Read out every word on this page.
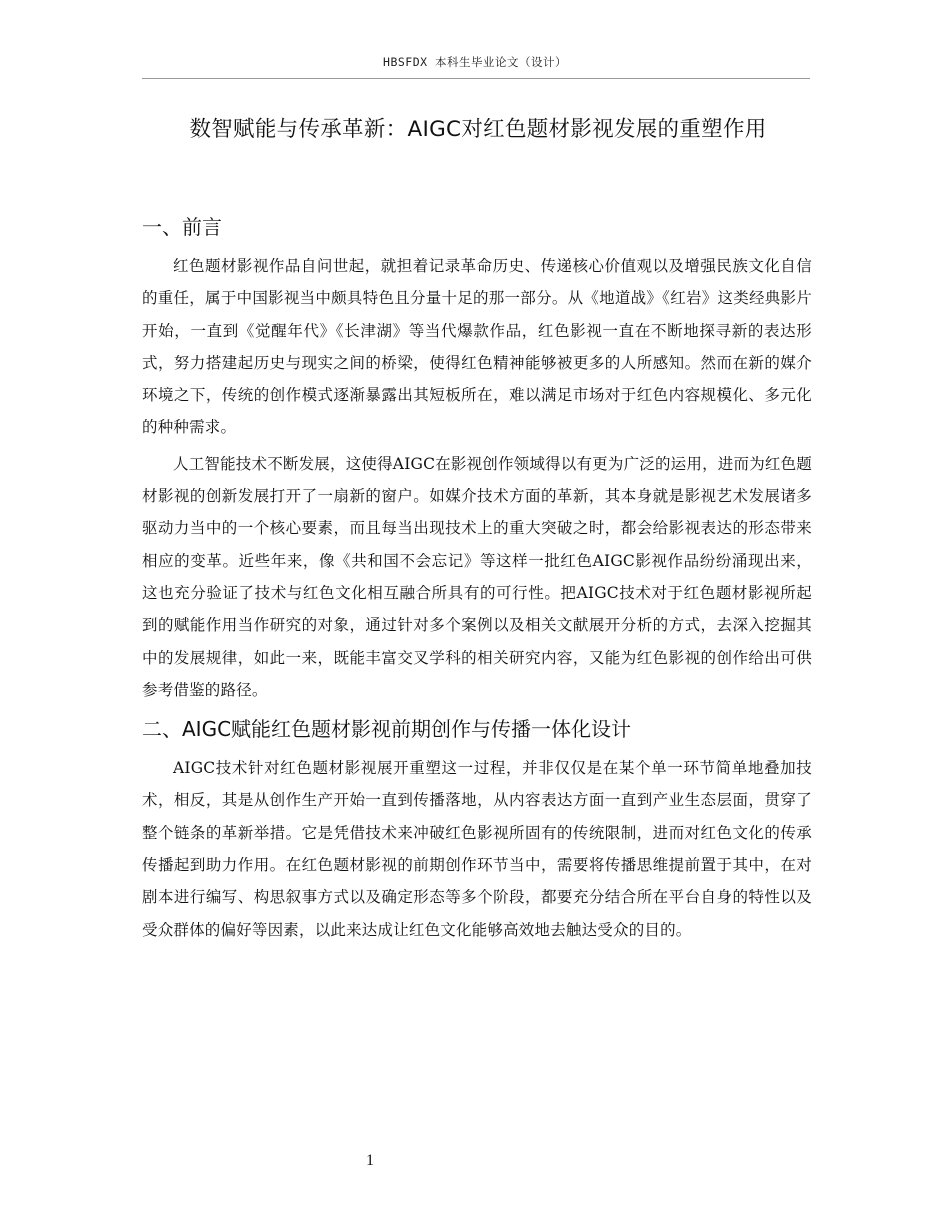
HBSFDX 本科生毕业论文（设计）
数智赋能与传承革新：AIGC对红色题材影视发展的重塑作用
一、前言

红色题材影视作品自问世起，就担着记录革命历史、传递核心价值观以及增强民族文化自信的重任，属于中国影视当中颇具特色且分量十足的那一部分。从《地道战》《红岩》这类经典影片开始，一直到《觉醒年代》《长津湖》等当代爆款作品，红色影视一直在不断地探寻新的表达形式，努力搭建起历史与现实之间的桥梁，使得红色精神能够被更多的人所感知。然而在新的媒介环境之下，传统的创作模式逐渐暴露出其短板所在，难以满足市场对于红色内容规模化、多元化的种种需求。

人工智能技术不断发展，这使得AIGC在影视创作领域得以有更为广泛的运用，进而为红色题材影视的创新发展打开了一扇新的窗户。如媒介技术方面的革新，其本身就是影视艺术发展诸多驱动力当中的一个核心要素，而且每当出现技术上的重大突破之时，都会给影视表达的形态带来相应的变革。近些年来，像《共和国不会忘记》等这样一批红色AIGC影视作品纷纷涌现出来，这也充分验证了技术与红色文化相互融合所具有的可行性。把AIGC技术对于红色题材影视所起到的赋能作用当作研究的对象，通过针对多个案例以及相关文献展开分析的方式，去深入挖掘其中的发展规律，如此一来，既能丰富交叉学科的相关研究内容，又能为红色影视的创作给出可供参考借鉴的路径。

二、AIGC赋能红色题材影视前期创作与传播一体化设计

AIGC技术针对红色题材影视展开重塑这一过程，并非仅仅是在某个单一环节简单地叠加技术，相反，其是从创作生产开始一直到传播落地，从内容表达方面一直到产业生态层面，贯穿了整个链条的革新举措。它是凭借技术来冲破红色影视所固有的传统限制，进而对红色文化的传承传播起到助力作用。在红色题材影视的前期创作环节当中，需要将传播思维提前置于其中，在对剧本进行编写、构思叙事方式以及确定形态等多个阶段，都要充分结合所在平台自身的特性以及受众群体的偏好等因素，以此来达成让红色文化能够高效地去触达受众的目的。

1
